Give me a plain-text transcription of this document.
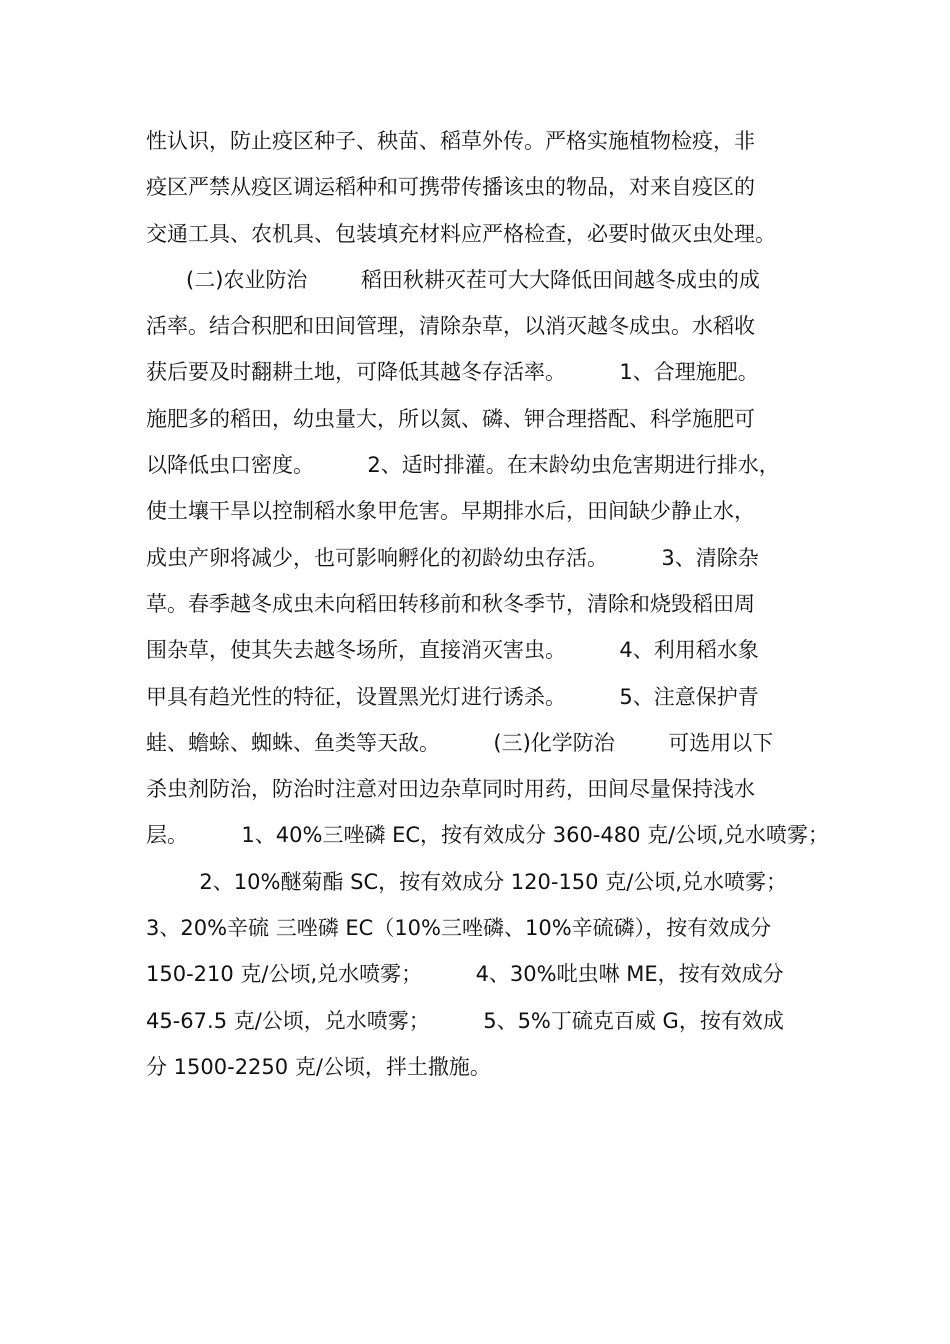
性认识，防止疫区种子、秧苗、稻草外传。严格实施植物检疫，非
疫区严禁从疫区调运稻种和可携带传播该虫的物品，对来自疫区的
交通工具、农机具、包装填充材料应严格检查，必要时做灭虫处理。
(二)农业防治        稻田秋耕灭茬可大大降低田间越冬成虫的成
活率。结合积肥和田间管理，清除杂草，以消灭越冬成虫。水稻收
获后要及时翻耕土地，可降低其越冬存活率。        1、合理施肥。
施肥多的稻田，幼虫量大，所以氮、磷、钾合理搭配、科学施肥可
以降低虫口密度。        2、适时排灌。在末龄幼虫危害期进行排水，
使土壤干旱以控制稻水象甲危害。早期排水后，田间缺少静止水，
成虫产卵将减少，也可影响孵化的初龄幼虫存活。        3、清除杂
草。春季越冬成虫未向稻田转移前和秋冬季节，清除和烧毁稻田周
围杂草，使其失去越冬场所，直接消灭害虫。        4、利用稻水象
甲具有趋光性的特征，设置黑光灯进行诱杀。        5、注意保护青
蛙、蟾蜍、蜘蛛、鱼类等天敌。        (三)化学防治        可选用以下
杀虫剂防治，防治时注意对田边杂草同时用药，田间尽量保持浅水
层。        1、40%三唑磷 EC，按有效成分 360-480 克/公顷,兑水喷雾；
2、10%醚菊酯 SC，按有效成分 120-150 克/公顷,兑水喷雾；
3、20%辛硫 三唑磷 EC（10%三唑磷、10%辛硫磷），按有效成分
150-210 克/公顷,兑水喷雾；        4、30%吡虫啉 ME，按有效成分
45-67.5 克/公顷，兑水喷雾；        5、5%丁硫克百威 G，按有效成
分 1500-2250 克/公顷，拌土撒施。
